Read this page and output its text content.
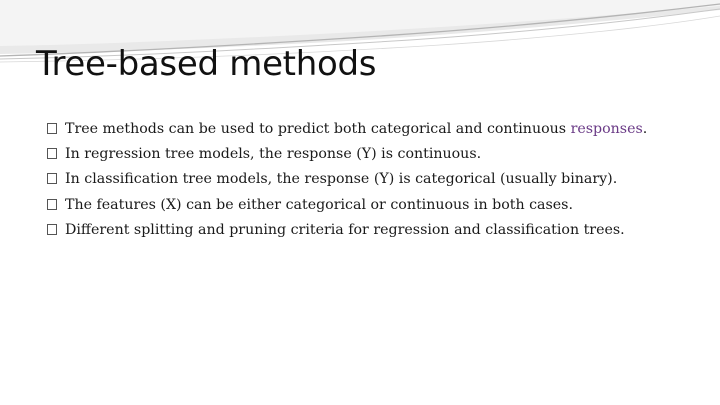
Tree-based methods
Tree methods can be used to predict both categorical and continuous responses.
In regression tree models, the response (Y) is continuous.
In classification tree models, the response (Y) is categorical (usually binary).
The features (X) can be either categorical or continuous in both cases.
Different splitting and pruning criteria for regression and classification trees.
